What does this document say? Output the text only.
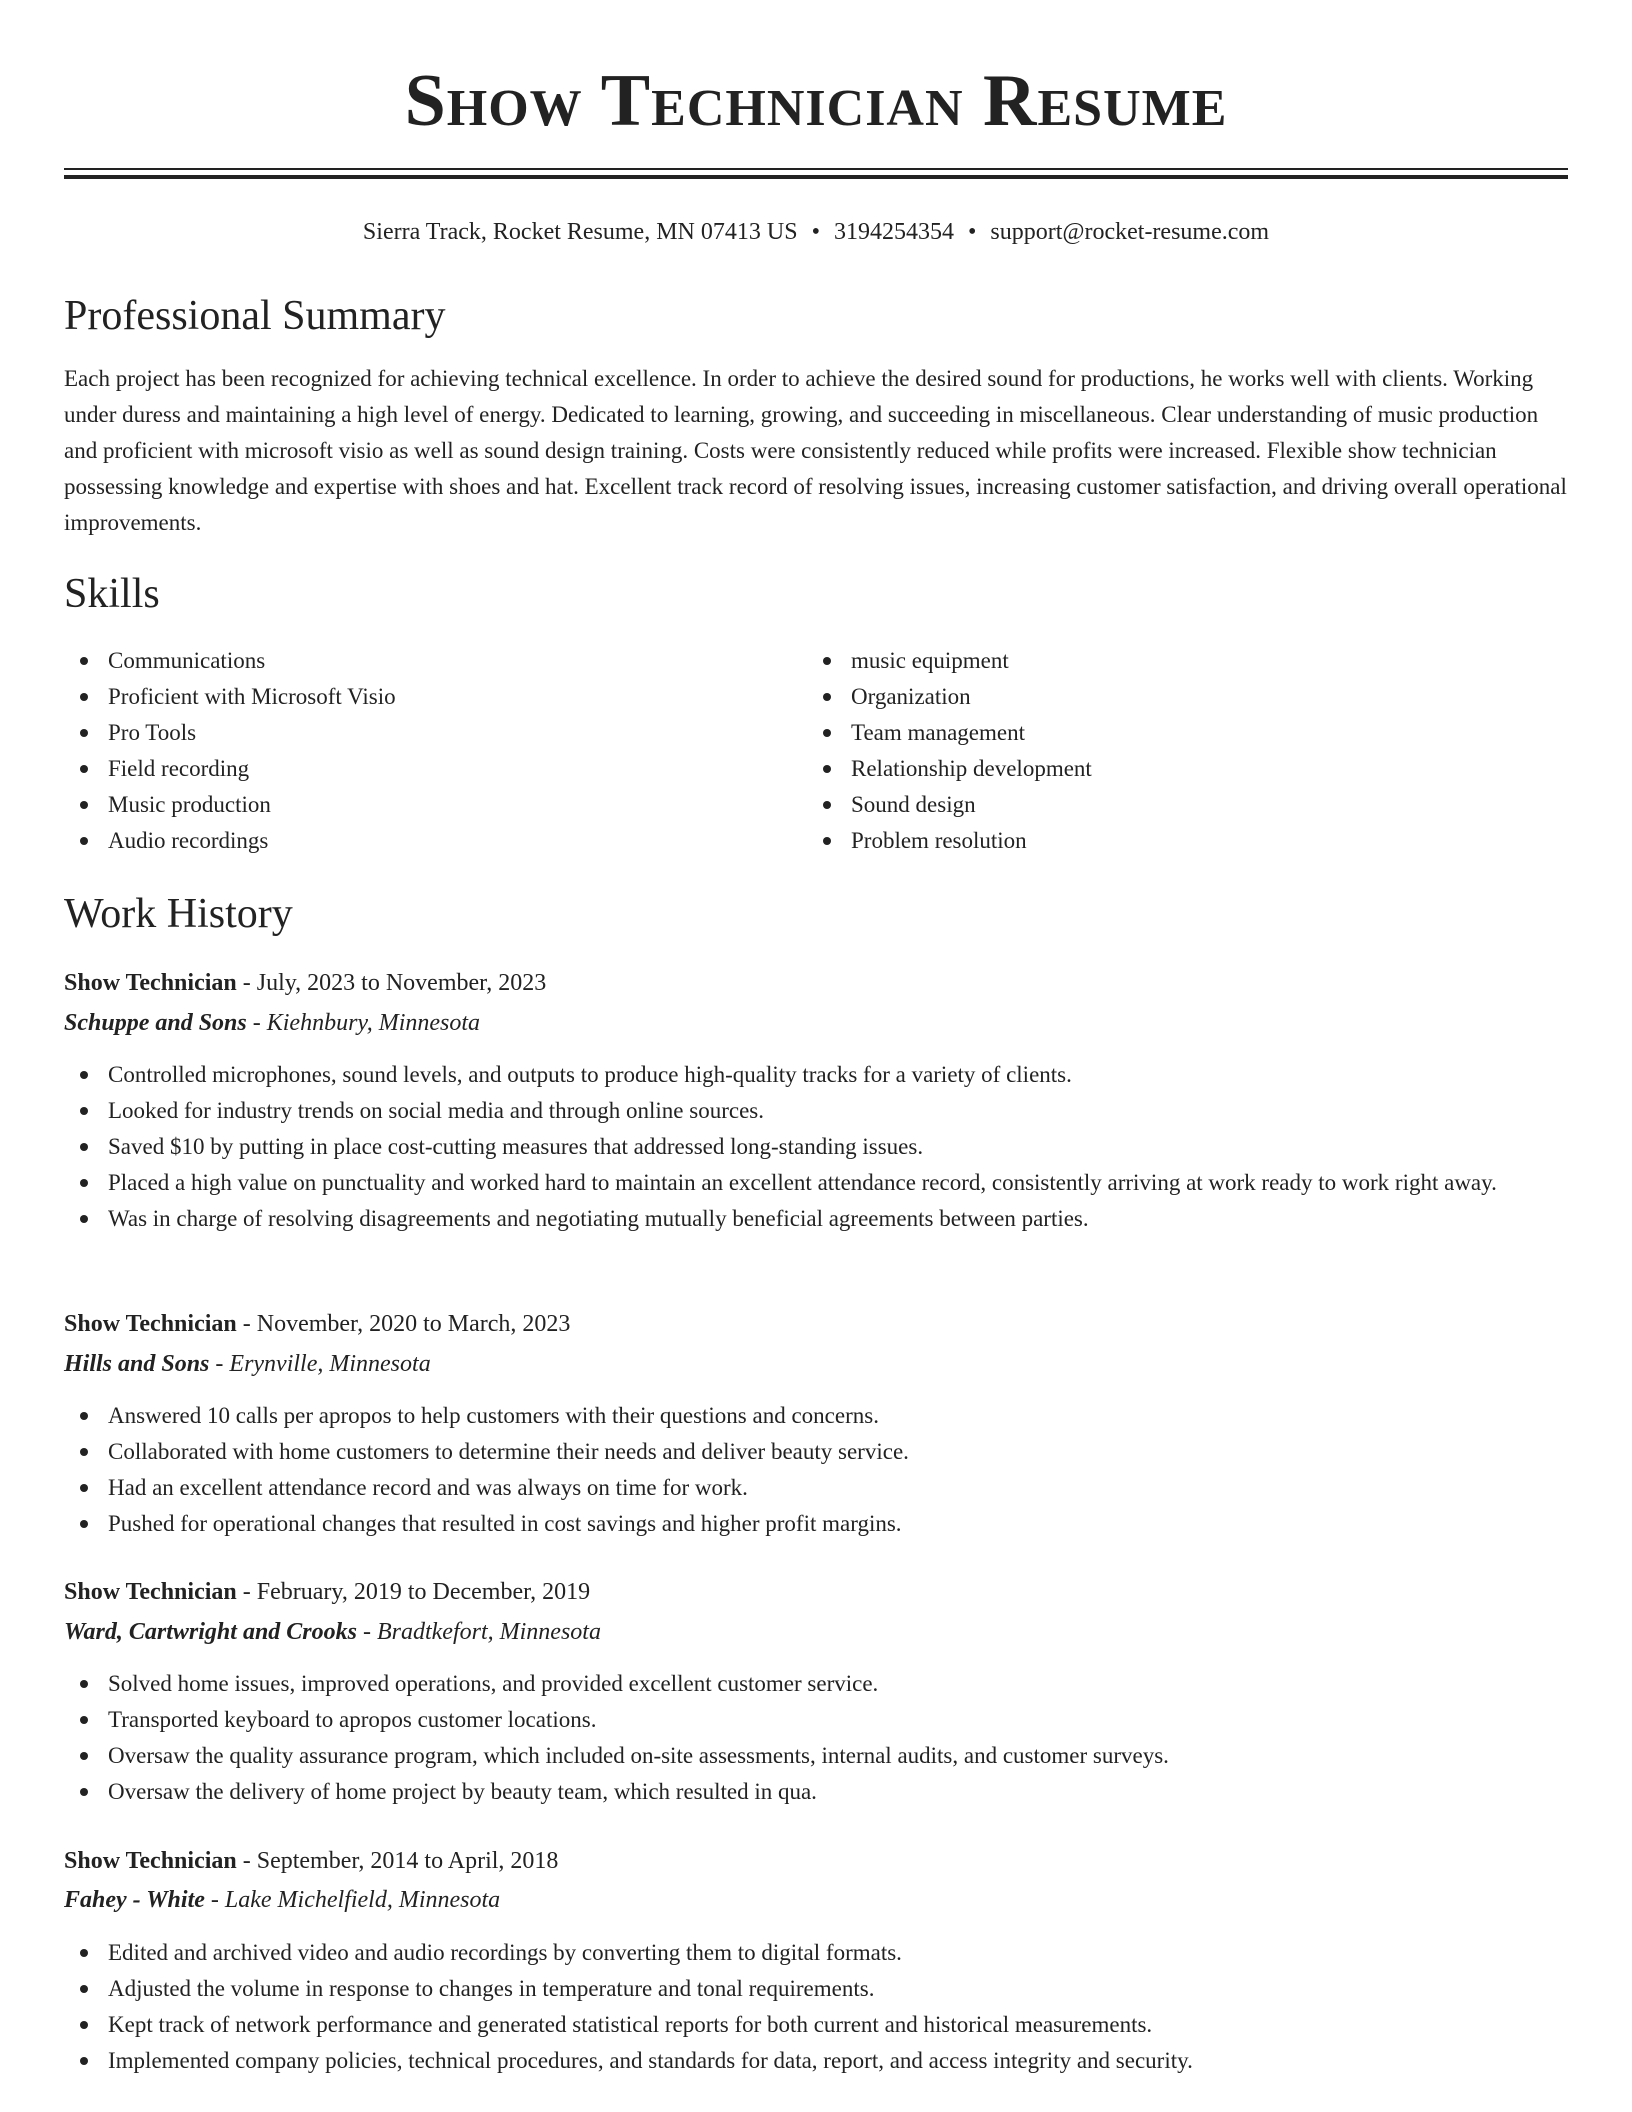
Show Technician Resume
Sierra Track, Rocket Resume, MN 07413 US • 3194254354 • support@rocket-resume.com
Professional Summary

Each project has been recognized for achieving technical excellence. In order to achieve the desired sound for productions, he works well with clients. Working under duress and maintaining a high level of energy. Dedicated to learning, growing, and succeeding in miscellaneous. Clear understanding of music production and proficient with microsoft visio as well as sound design training. Costs were consistently reduced while profits were increased. Flexible show technician possessing knowledge and expertise with shoes and hat. Excellent track record of resolving issues, increasing customer satisfaction, and driving overall operational improvements.

Skills
Communications
Proficient with Microsoft Visio
Pro Tools
Field recording
Music production
Audio recordings
music equipment
Organization
Team management
Relationship development
Sound design
Problem resolution
Work History
Show Technician - July, 2023 to November, 2023
Schuppe and Sons - Kiehnbury, Minnesota
Controlled microphones, sound levels, and outputs to produce high-quality tracks for a variety of clients.
Looked for industry trends on social media and through online sources.
Saved $10 by putting in place cost-cutting measures that addressed long-standing issues.
Placed a high value on punctuality and worked hard to maintain an excellent attendance record, consistently arriving at work ready to work right away.
Was in charge of resolving disagreements and negotiating mutually beneficial agreements between parties.
Show Technician - November, 2020 to March, 2023
Hills and Sons - Erynville, Minnesota
Answered 10 calls per apropos to help customers with their questions and concerns.
Collaborated with home customers to determine their needs and deliver beauty service.
Had an excellent attendance record and was always on time for work.
Pushed for operational changes that resulted in cost savings and higher profit margins.
Show Technician - February, 2019 to December, 2019
Ward, Cartwright and Crooks - Bradtkefort, Minnesota
Solved home issues, improved operations, and provided excellent customer service.
Transported keyboard to apropos customer locations.
Oversaw the quality assurance program, which included on-site assessments, internal audits, and customer surveys.
Oversaw the delivery of home project by beauty team, which resulted in qua.
Show Technician - September, 2014 to April, 2018
Fahey - White - Lake Michelfield, Minnesota
Edited and archived video and audio recordings by converting them to digital formats.
Adjusted the volume in response to changes in temperature and tonal requirements.
Kept track of network performance and generated statistical reports for both current and historical measurements.
Implemented company policies, technical procedures, and standards for data, report, and access integrity and security.
